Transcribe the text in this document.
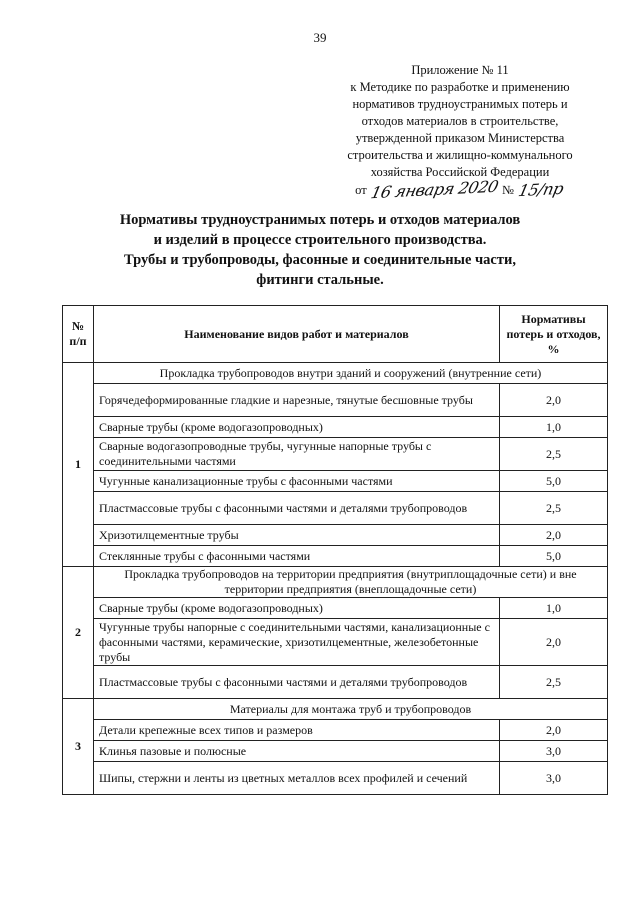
39
Приложение № 11
к Методике по разработке и применению
нормативов трудноустранимых потерь и
отходов материалов в строительстве,
утвержденной приказом Министерства
строительства и жилищно-коммунального
хозяйства Российской Федерации
от 16 января 2020 № 15/пр
Нормативы трудноустранимых потерь и отходов материалов
и изделий в процессе строительного производства.
Трубы и трубопроводы, фасонные и соединительные части,
фитинги стальные.
№ п/п	Наименование видов работ и материалов	Нормативы потерь и отходов, %
1	Прокладка трубопроводов внутри зданий и сооружений (внутренние сети)	
	Горячедеформированные гладкие и нарезные, тянутые бесшовные трубы	2,0
	Сварные трубы (кроме водогазопроводных)	1,0
	Сварные водогазопроводные трубы, чугунные напорные трубы с соединительными частями	2,5
	Чугунные канализационные трубы с фасонными частями	5,0
	Пластмассовые трубы с фасонными частями и деталями трубопроводов	2,5
	Хризотилцементные трубы	2,0
	Стеклянные трубы с фасонными частями	5,0
2	Прокладка трубопроводов на территории предприятия (внутриплощадочные сети) и вне территории предприятия (внеплощадочные сети)	
	Сварные трубы (кроме водогазопроводных)	1,0
	Чугунные трубы напорные с соединительными частями, канализационные с фасонными частями, керамические, хризотилцементные, железобетонные трубы	2,0
	Пластмассовые трубы с фасонными частями и деталями трубопроводов	2,5
3	Материалы для монтажа труб и трубопроводов	
	Детали крепежные всех типов и размеров	2,0
	Клинья пазовые и полюсные	3,0
	Шипы, стержни и ленты из цветных металлов всех профилей и сечений	3,0
